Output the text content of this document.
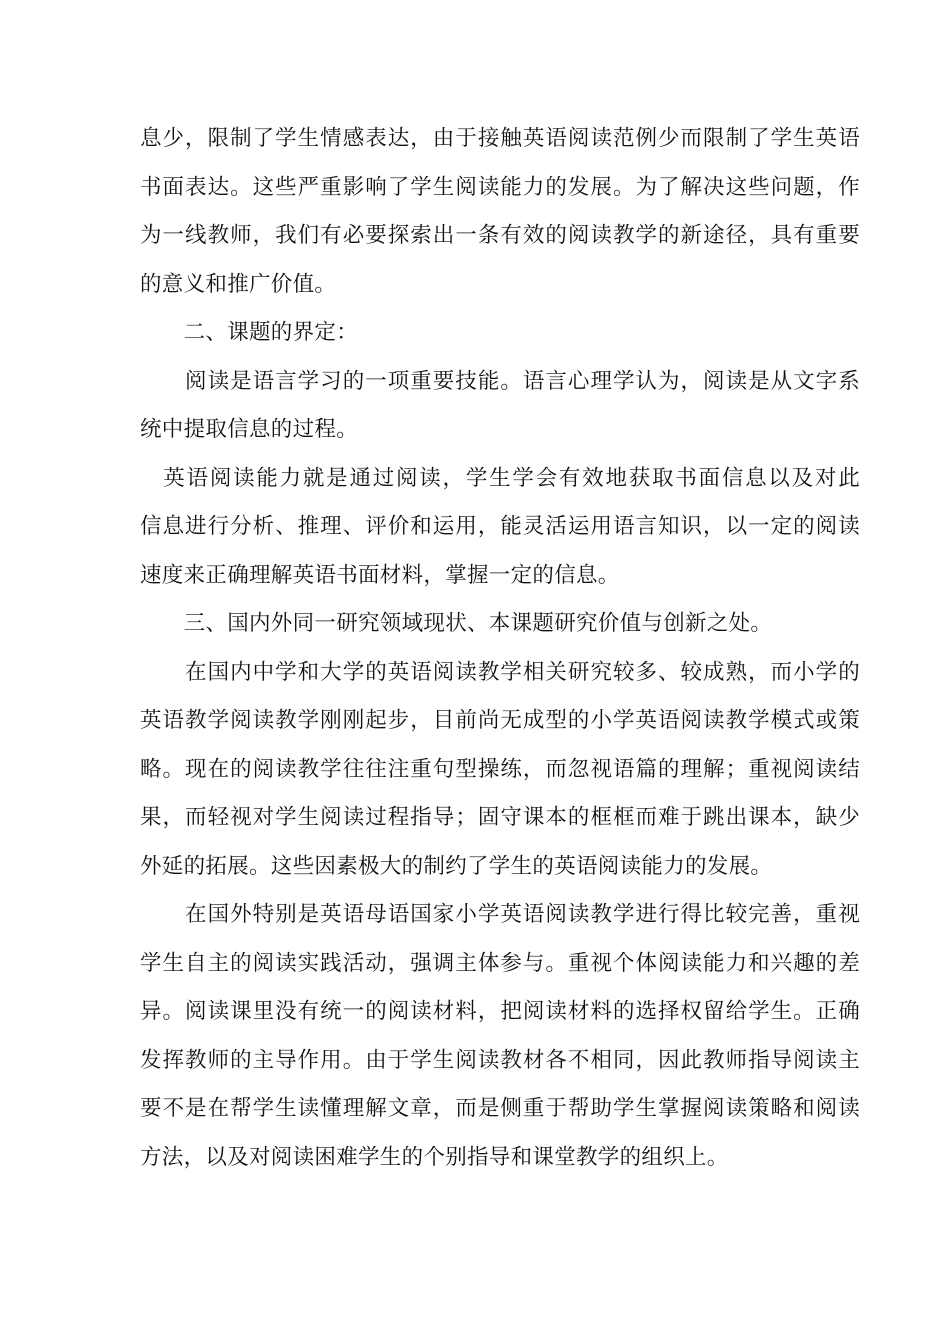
息少，限制了学生情感表达，由于接触英语阅读范例少而限制了学生英语
书面表达。这些严重影响了学生阅读能力的发展。为了解决这些问题，作
为一线教师，我们有必要探索出一条有效的阅读教学的新途径，具有重要
的意义和推广价值。

　　二、课题的界定：

　　阅读是语言学习的一项重要技能。语言心理学认为，阅读是从文字系
统中提取信息的过程。

　英语阅读能力就是通过阅读，学生学会有效地获取书面信息以及对此
信息进行分析、推理、评价和运用，能灵活运用语言知识，以一定的阅读
速度来正确理解英语书面材料，掌握一定的信息。

　　三、国内外同一研究领域现状、本课题研究价值与创新之处。

　　在国内中学和大学的英语阅读教学相关研究较多、较成熟，而小学的
英语教学阅读教学刚刚起步，目前尚无成型的小学英语阅读教学模式或策
略。现在的阅读教学往往注重句型操练，而忽视语篇的理解；重视阅读结
果，而轻视对学生阅读过程指导；固守课本的框框而难于跳出课本，缺少
外延的拓展。这些因素极大的制约了学生的英语阅读能力的发展。

　　在国外特别是英语母语国家小学英语阅读教学进行得比较完善，重视
学生自主的阅读实践活动，强调主体参与。重视个体阅读能力和兴趣的差
异。阅读课里没有统一的阅读材料，把阅读材料的选择权留给学生。正确
发挥教师的主导作用。由于学生阅读教材各不相同，因此教师指导阅读主
要不是在帮学生读懂理解文章，而是侧重于帮助学生掌握阅读策略和阅读
方法，以及对阅读困难学生的个别指导和课堂教学的组织上。
